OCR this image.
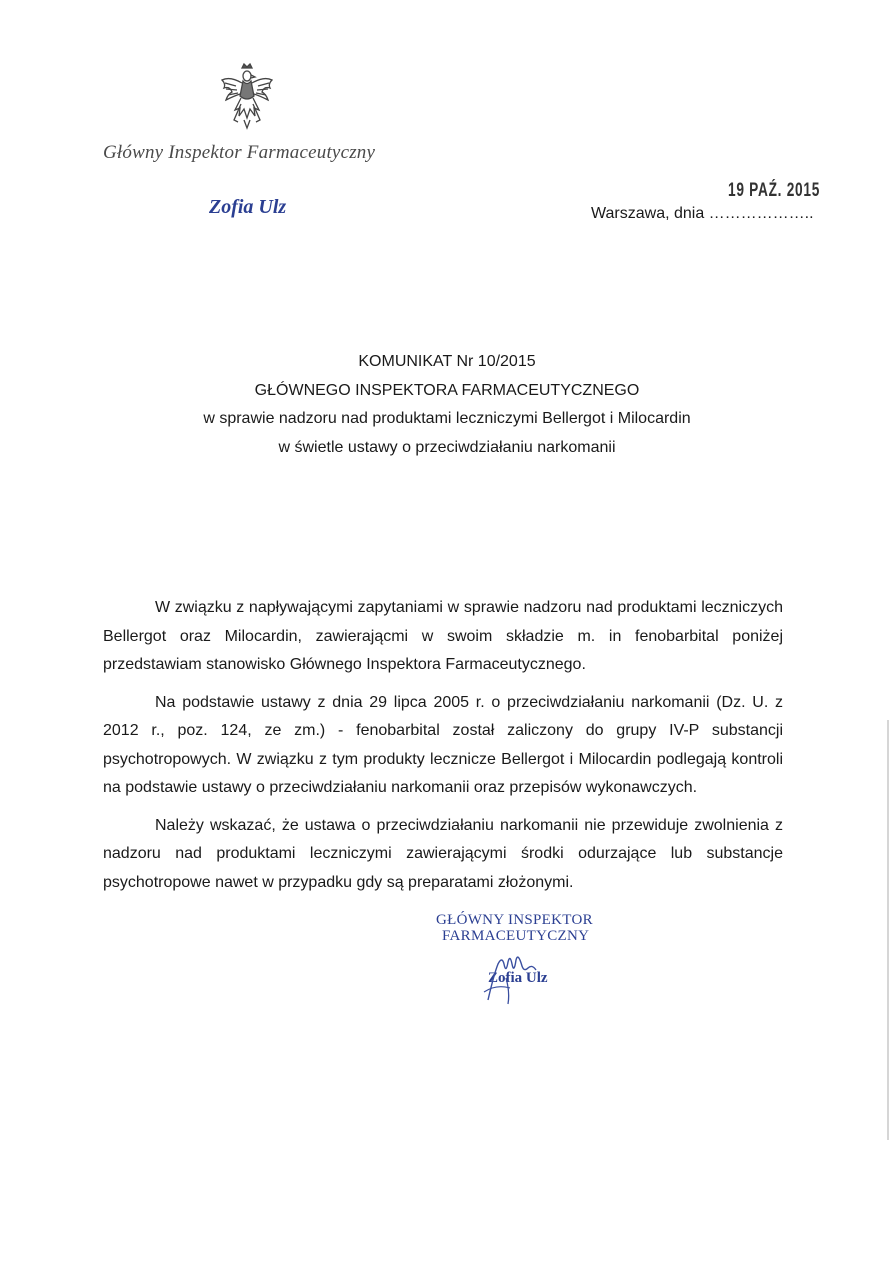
Główny Inspektor Farmaceutyczny
Zofia Ulz
19 PAŹ. 2015
Warszawa, dnia ………………..
KOMUNIKAT Nr 10/2015
GŁÓWNEGO INSPEKTORA FARMACEUTYCZNEGO
w sprawie nadzoru nad produktami leczniczymi Bellergot i Milocardin
w świetle ustawy o przeciwdziałaniu narkomanii

W związku z napływającymi zapytaniami w sprawie nadzoru nad produktami leczniczych Bellergot oraz Milocardin, zawierającmi w swoim składzie m. in fenobarbital poniżej przedstawiam stanowisko Głównego Inspektora Farmaceutycznego.

Na podstawie ustawy z dnia 29 lipca 2005 r. o przeciwdziałaniu narkomanii (Dz. U. z 2012 r., poz. 124, ze zm.) - fenobarbital został zaliczony do grupy IV-P substancji psychotropowych. W związku z tym produkty lecznicze Bellergot i Milocardin podlegają kontroli na podstawie ustawy o przeciwdziałaniu narkomanii oraz przepisów wykonawczych.

Należy wskazać, że ustawa o przeciwdziałaniu narkomanii nie przewiduje zwolnienia z nadzoru nad produktami leczniczymi zawierającymi środki odurzające lub substancje psychotropowe nawet w przypadku gdy są preparatami złożonymi.

GŁÓWNY INSPEKTOR
FARMACEUTYCZNY
Zofia Ulz
